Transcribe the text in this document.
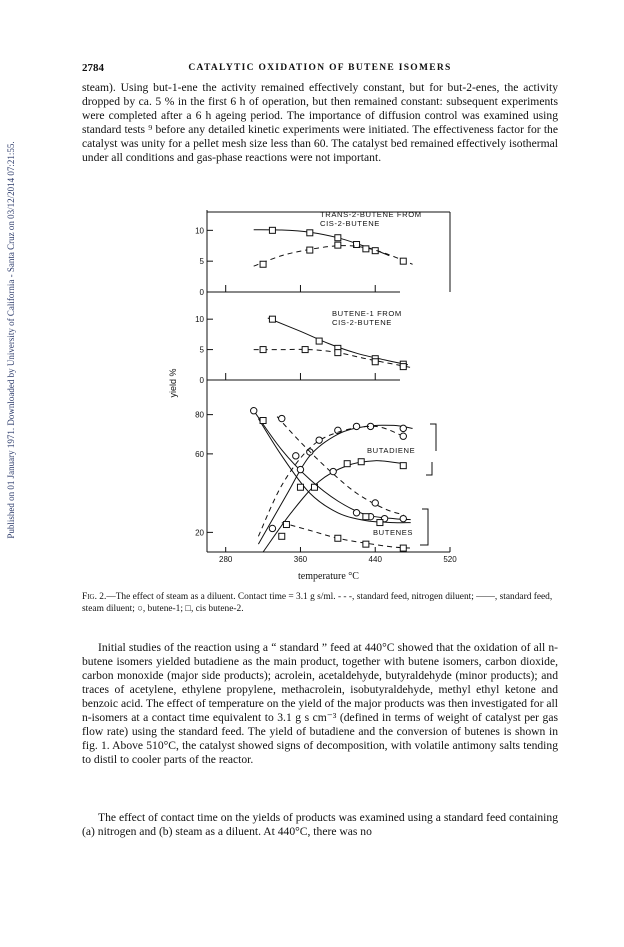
Published on 01 January 1971. Downloaded by University of California - Santa Cruz on 03/12/2014 07:21:55.
2784	CATALYTIC OXIDATION OF BUTENE ISOMERS

steam). Using but-1-ene the activity remained effectively constant, but for but-2-enes, the activity dropped by ca. 5 % in the first 6 h of operation, but then remained constant: subsequent experiments were completed after a 6 h ageing period. The importance of diffusion control was examined using standard tests ⁹ before any detailed kinetic experiments were initiated. The effectiveness factor for the catalyst was unity for a pellet mesh size less than 60. The catalyst bed remained effectively isothermal under all conditions and gas-phase reactions were not important.

280	360	440	520
temperature °C
yield %
0
5
10
TRANS-2-BUTENE FROM
CIS-2-BUTENE
0
5
10
BUTENE-1 FROM
CIS-2-BUTENE
20
60
80
BUTADIENE
BUTENES

Fig. 2.—The effect of steam as a diluent. Contact time = 3.1 g s/ml. - - -, standard feed, nitrogen diluent; ——, standard feed, steam diluent; ○, butene-1; □, cis butene-2.

Initial studies of the reaction using a “ standard ” feed at 440°C showed that the oxidation of all n-butene isomers yielded butadiene as the main product, together with butene isomers, carbon dioxide, carbon monoxide (major side products); acrolein, acetaldehyde, butyraldehyde (minor products); and traces of acetylene, ethylene propylene, methacrolein, isobutyraldehyde, methyl ethyl ketone and benzoic acid. The effect of temperature on the yield of the major products was then investigated for all n-isomers at a contact time equivalent to 3.1 g s cm⁻³ (defined in terms of weight of catalyst per gas flow rate) using the standard feed. The yield of butadiene and the conversion of butenes is shown in fig. 1. Above 510°C, the catalyst showed signs of decomposition, with volatile antimony salts tending to distil to cooler parts of the reactor.

The effect of contact time on the yields of products was examined using a standard feed containing (a) nitrogen and (b) steam as a diluent. At 440°C, there was no
